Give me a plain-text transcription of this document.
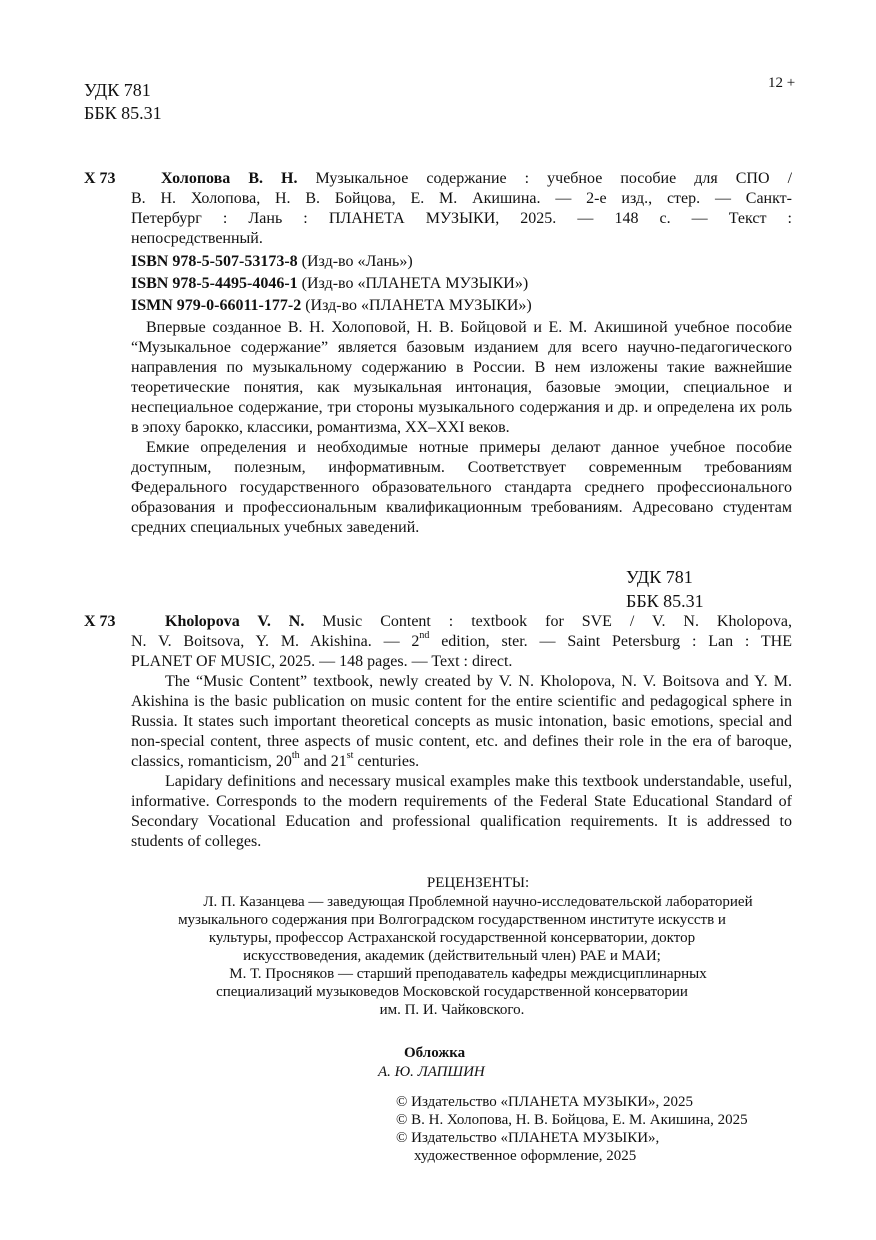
УДК 781
ББК 85.31
12 +
Х 73	Холопова В. Н. Музыкальное содержание : учебное пособие для СПО /

В. Н. Холопова, Н. В. Бойцова, Е. М. Акишина. — 2-е изд., стер. — Санкт-

Петербург : Лань : ПЛАНЕТА МУЗЫКИ, 2025. — 148 с. — Текст :

непосредственный.

ISBN 978-5-507-53173-8 (Изд-во «Лань»)

ISBN 978-5-4495-4046-1 (Изд-во «ПЛАНЕТА МУЗЫКИ»)

ISMN 979-0-66011-177-2 (Изд-во «ПЛАНЕТА МУЗЫКИ»)

Впервые созданное В. Н. Холоповой, Н. В. Бойцовой и Е. М. Акишиной учебное пособие “Музыкальное содержание” является базовым изданием для всего научно-педагогического направления по музыкальному содержанию в России. В нем изложены такие важнейшие теоретические понятия, как музыкальная интонация, базовые эмоции, специальное и неспециальное содержание, три стороны музыкального содержания и др. и определена их роль в эпоху барокко, классики, романтизма, XX–XXI веков.

Емкие определения и необходимые нотные примеры делают данное учебное пособие доступным, полезным, информативным. Соответствует современным требованиям Федерального государственного образовательного стандарта среднего профессионального образования и профессиональным квалификационным требованиям. Адресовано студентам средних специальных учебных заведений.

УДК 781
ББК 85.31
Х 73	Kholopova V. N. Music Content : textbook for SVE / V. N. Kholopova,

N. V. Boitsova, Y. M. Akishina. — 2nd edition, ster. — Saint Petersburg : Lan : THE

PLANET OF MUSIC, 2025. — 148 pages. — Text : direct.

The “Music Content” textbook, newly created by V. N. Kholopova, N. V. Boitsova and Y. M. Akishina is the basic publication on music content for the entire scientific and pedagogical sphere in Russia. It states such important theoretical concepts as music intonation, basic emotions, special and non-special content, three aspects of music content, etc. and defines their role in the era of baroque, classics, romanticism, 20th and 21st centuries.

Lapidary definitions and necessary musical examples make this textbook understandable, useful, informative. Corresponds to the modern requirements of the Federal State Educational Standard of Secondary Vocational Education and professional qualification requirements. It is addressed to students of colleges.

РЕЦЕНЗЕНТЫ:

Л. П. Казанцева — заведующая Проблемной научно-исследовательской лабораторией

музыкального содержания при Волгоградском государственном институте искусств и

культуры, профессор Астраханской государственной консерватории, доктор

искусствоведения, академик (действительный член) РАЕ и МАИ;

М. Т. Просняков — старший преподаватель кафедры междисциплинарных

специализаций музыковедов Московской государственной консерватории

им. П. И. Чайковского.

Обложка
А. Ю. ЛАПШИН

© Издательство «ПЛАНЕТА МУЗЫКИ», 2025

© В. Н. Холопова, Н. В. Бойцова, Е. М. Акишина, 2025

© Издательство «ПЛАНЕТА МУЗЫКИ»,

художественное оформление, 2025
